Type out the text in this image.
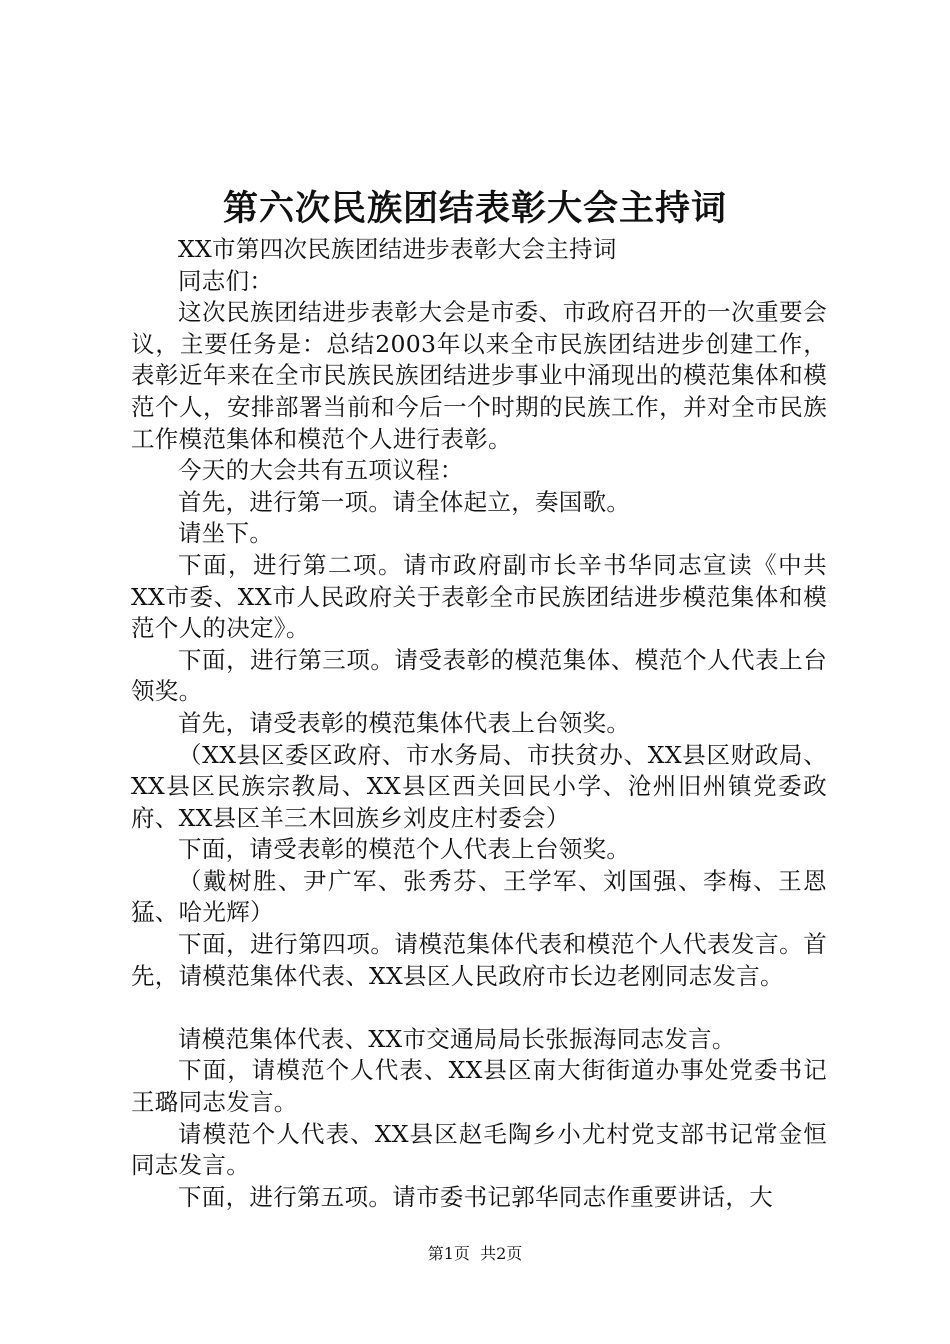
第六次民族团结表彰大会主持词

XX市第四次民族团结进步表彰大会主持词

同志们：

这次民族团结进步表彰大会是市委、市政府召开的一次重要会议，主要任务是：总结2003年以来全市民族团结进步创建工作，表彰近年来在全市民族民族团结进步事业中涌现出的模范集体和模范个人，安排部署当前和今后一个时期的民族工作，并对全市民族工作模范集体和模范个人进行表彰。

今天的大会共有五项议程：

首先，进行第一项。请全体起立，奏国歌。

请坐下。

下面，进行第二项。请市政府副市长辛书华同志宣读《中共XX市委、XX市人民政府关于表彰全市民族团结进步模范集体和模范个人的决定》。

下面，进行第三项。请受表彰的模范集体、模范个人代表上台领奖。

首先，请受表彰的模范集体代表上台领奖。

（XX县区委区政府、市水务局、市扶贫办、XX县区财政局、XX县区民族宗教局、XX县区西关回民小学、沧州旧州镇党委政府、XX县区羊三木回族乡刘皮庄村委会）

下面，请受表彰的模范个人代表上台领奖。

（戴树胜、尹广军、张秀芬、王学军、刘国强、李梅、王恩猛、哈光辉）

下面，进行第四项。请模范集体代表和模范个人代表发言。首先，请模范集体代表、XX县区人民政府市长边老刚同志发言。

请模范集体代表、XX市交通局局长张振海同志发言。

下面，请模范个人代表、XX县区南大街街道办事处党委书记王璐同志发言。

请模范个人代表、XX县区赵毛陶乡小尤村党支部书记常金恒同志发言。

下面，进行第五项。请市委书记郭华同志作重要讲话，大

第1页 共2页
